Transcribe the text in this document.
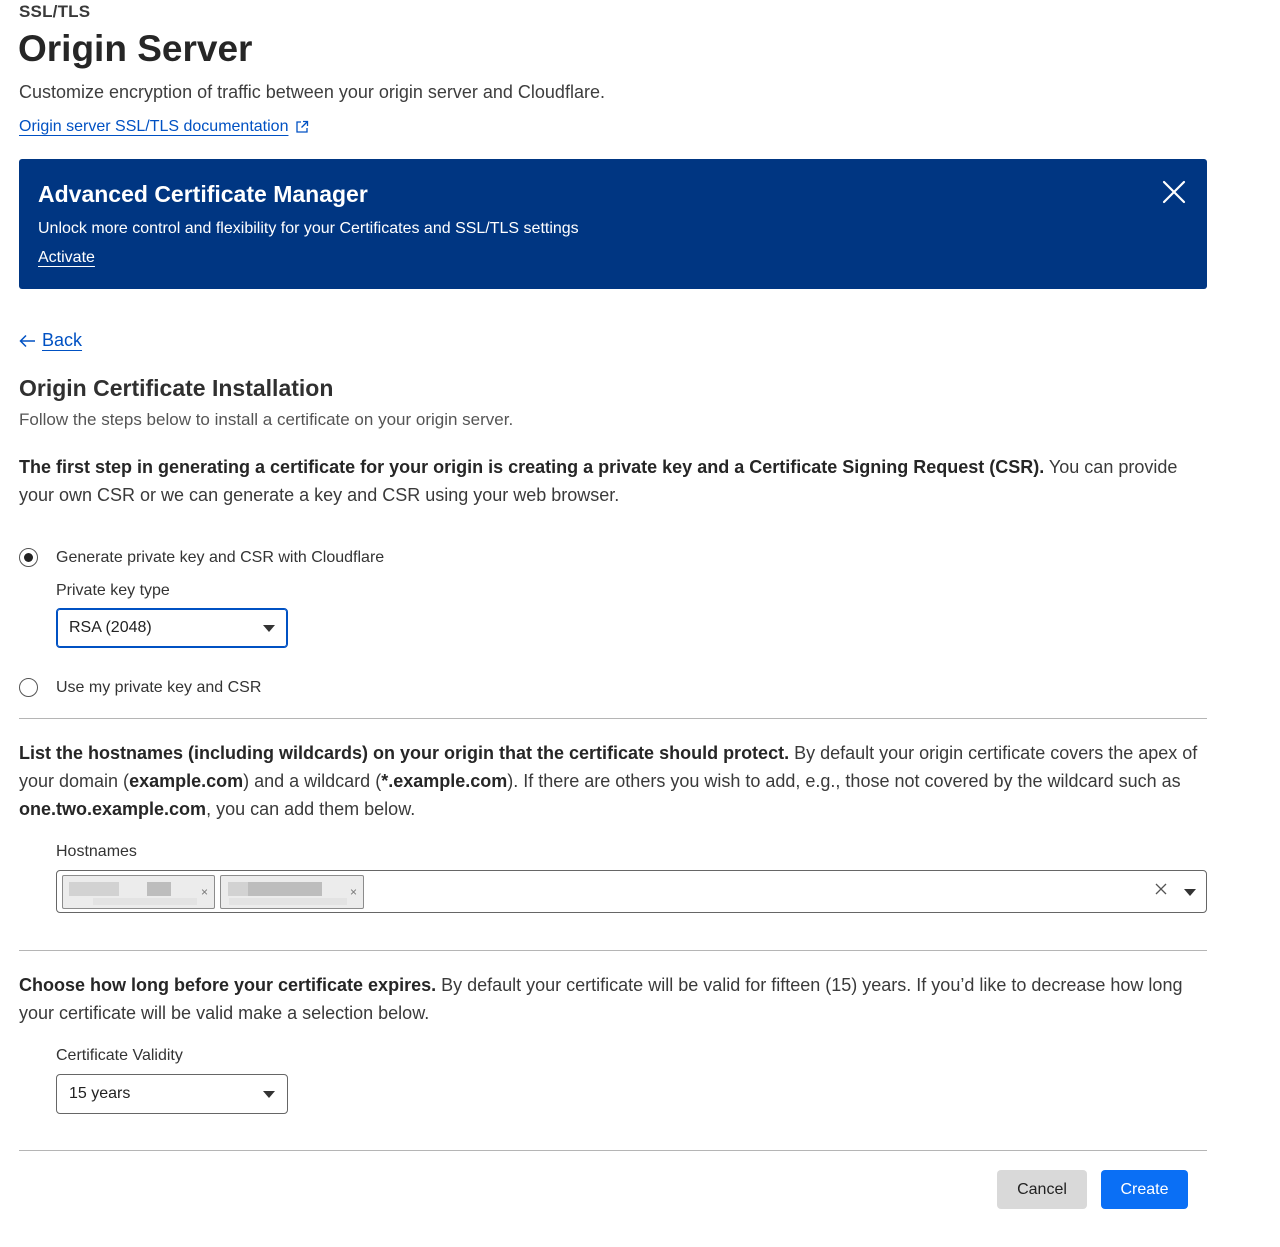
SSL/TLS
Origin Server

Customize encryption of traffic between your origin server and Cloudflare.

Origin server SSL/TLS documentation
Advanced Certificate Manager
Unlock more control and flexibility for your Certificates and SSL/TLS settings
Activate
Back
Origin Certificate Installation

Follow the steps below to install a certificate on your origin server.

The first step in generating a certificate for your origin is creating a private key and a Certificate Signing Request (CSR). You can provide your own CSR or we can generate a key and CSR using your web browser.

Generate private key and CSR with Cloudflare
Private key type
RSA (2048)
Use my private key and CSR

List the hostnames (including wildcards) on your origin that the certificate should protect. By default your origin certificate covers the apex of your domain (example.com) and a wildcard (*.example.com). If there are others you wish to add, e.g., those not covered by the wildcard such as one.two.example.com, you can add them below.

Hostnames
×	×

Choose how long before your certificate expires. By default your certificate will be valid for fifteen (15) years. If you’d like to decrease how long your certificate will be valid make a selection below.

Certificate Validity
15 years
Cancel	Create
